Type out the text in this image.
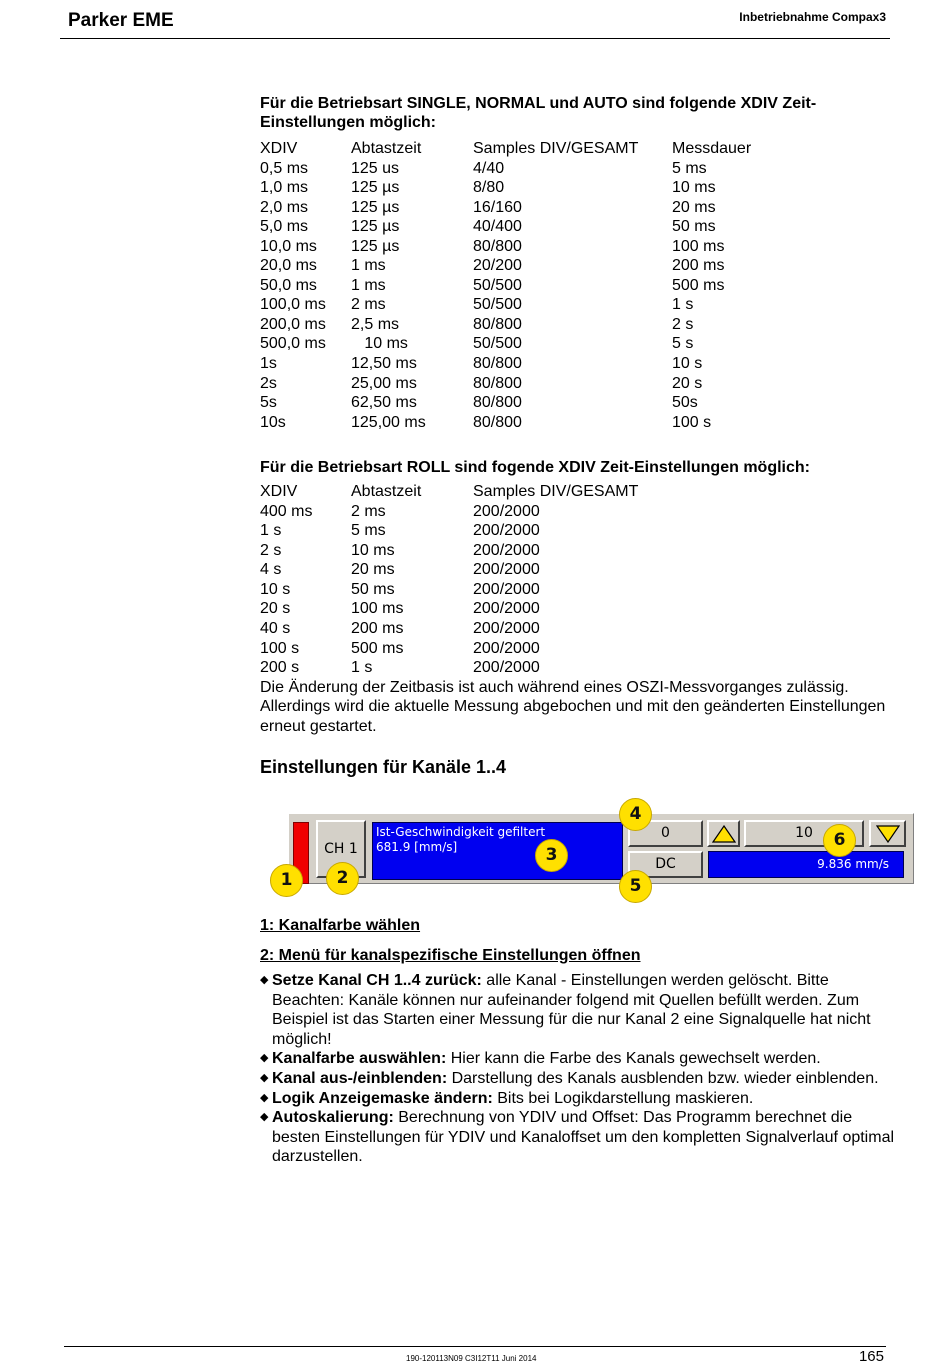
Parker EME	Inbetriebnahme Compax3
Für die Betriebsart SINGLE, NORMAL und AUTO sind folgende XDIV Zeit-Einstellungen möglich:
XDIV	Abtastzeit	Samples DIV/GESAMT	Messdauer
0,5 ms	125 us	4/40	5 ms
1,0 ms	125 µs	8/80	10 ms
2,0 ms	125 µs	16/160	20 ms
5,0 ms	125 µs	40/400	50 ms
10,0 ms	125 µs	80/800	100 ms
20,0 ms	1 ms	20/200	200 ms
50,0 ms	1 ms	50/500	500 ms
100,0 ms	2 ms	50/500	1 s
200,0 ms	2,5 ms	80/800	2 s
500,0 ms	10 ms	50/500	5 s
1s	12,50 ms	80/800	10 s
2s	25,00 ms	80/800	20 s
5s	62,50 ms	80/800	50s
10s	125,00 ms	80/800	100 s
Für die Betriebsart ROLL sind fogende XDIV Zeit-Einstellungen möglich:
XDIV	Abtastzeit	Samples DIV/GESAMT
400 ms	2 ms	200/2000
1 s	5 ms	200/2000
2 s	10 ms	200/2000
4 s	20 ms	200/2000
10 s	50 ms	200/2000
20 s	100 ms	200/2000
40 s	200 ms	200/2000
100 s	500 ms	200/2000
200 s	1 s	200/2000
Die Änderung der Zeitbasis ist auch während eines OSZI-Messvorganges zulässig. Allerdings wird die aktuelle Messung abgebochen und mit den geänderten Einstellungen erneut gestartet.
Einstellungen für Kanäle 1..4
CH 1
Ist-Geschwindigkeit gefiltert
681.9 [mm/s]
0
DC
10
9.836 mm/s
1	2
3
4
5
6
1: Kanalfarbe wählen
2: Menü für kanalspezifische Einstellungen öffnen
◆ Setze Kanal CH 1..4 zurück: alle Kanal - Einstellungen werden gelöscht. Bitte Beachten: Kanäle können nur aufeinander folgend mit Quellen befüllt werden. Zum Beispiel ist das Starten einer Messung für die nur Kanal 2 eine Signalquelle hat nicht möglich!
◆ Kanalfarbe auswählen: Hier kann die Farbe des Kanals gewechselt werden.
◆ Kanal aus-/einblenden: Darstellung des Kanals ausblenden bzw. wieder einblenden.
◆ Logik Anzeigemaske ändern: Bits bei Logikdarstellung maskieren.
◆ Autoskalierung: Berechnung von YDIV und Offset: Das Programm berechnet die besten Einstellungen für YDIV und Kanaloffset um den kompletten Signalverlauf optimal darzustellen.
190-120113N09 C3I12T11 Juni 2014	165
